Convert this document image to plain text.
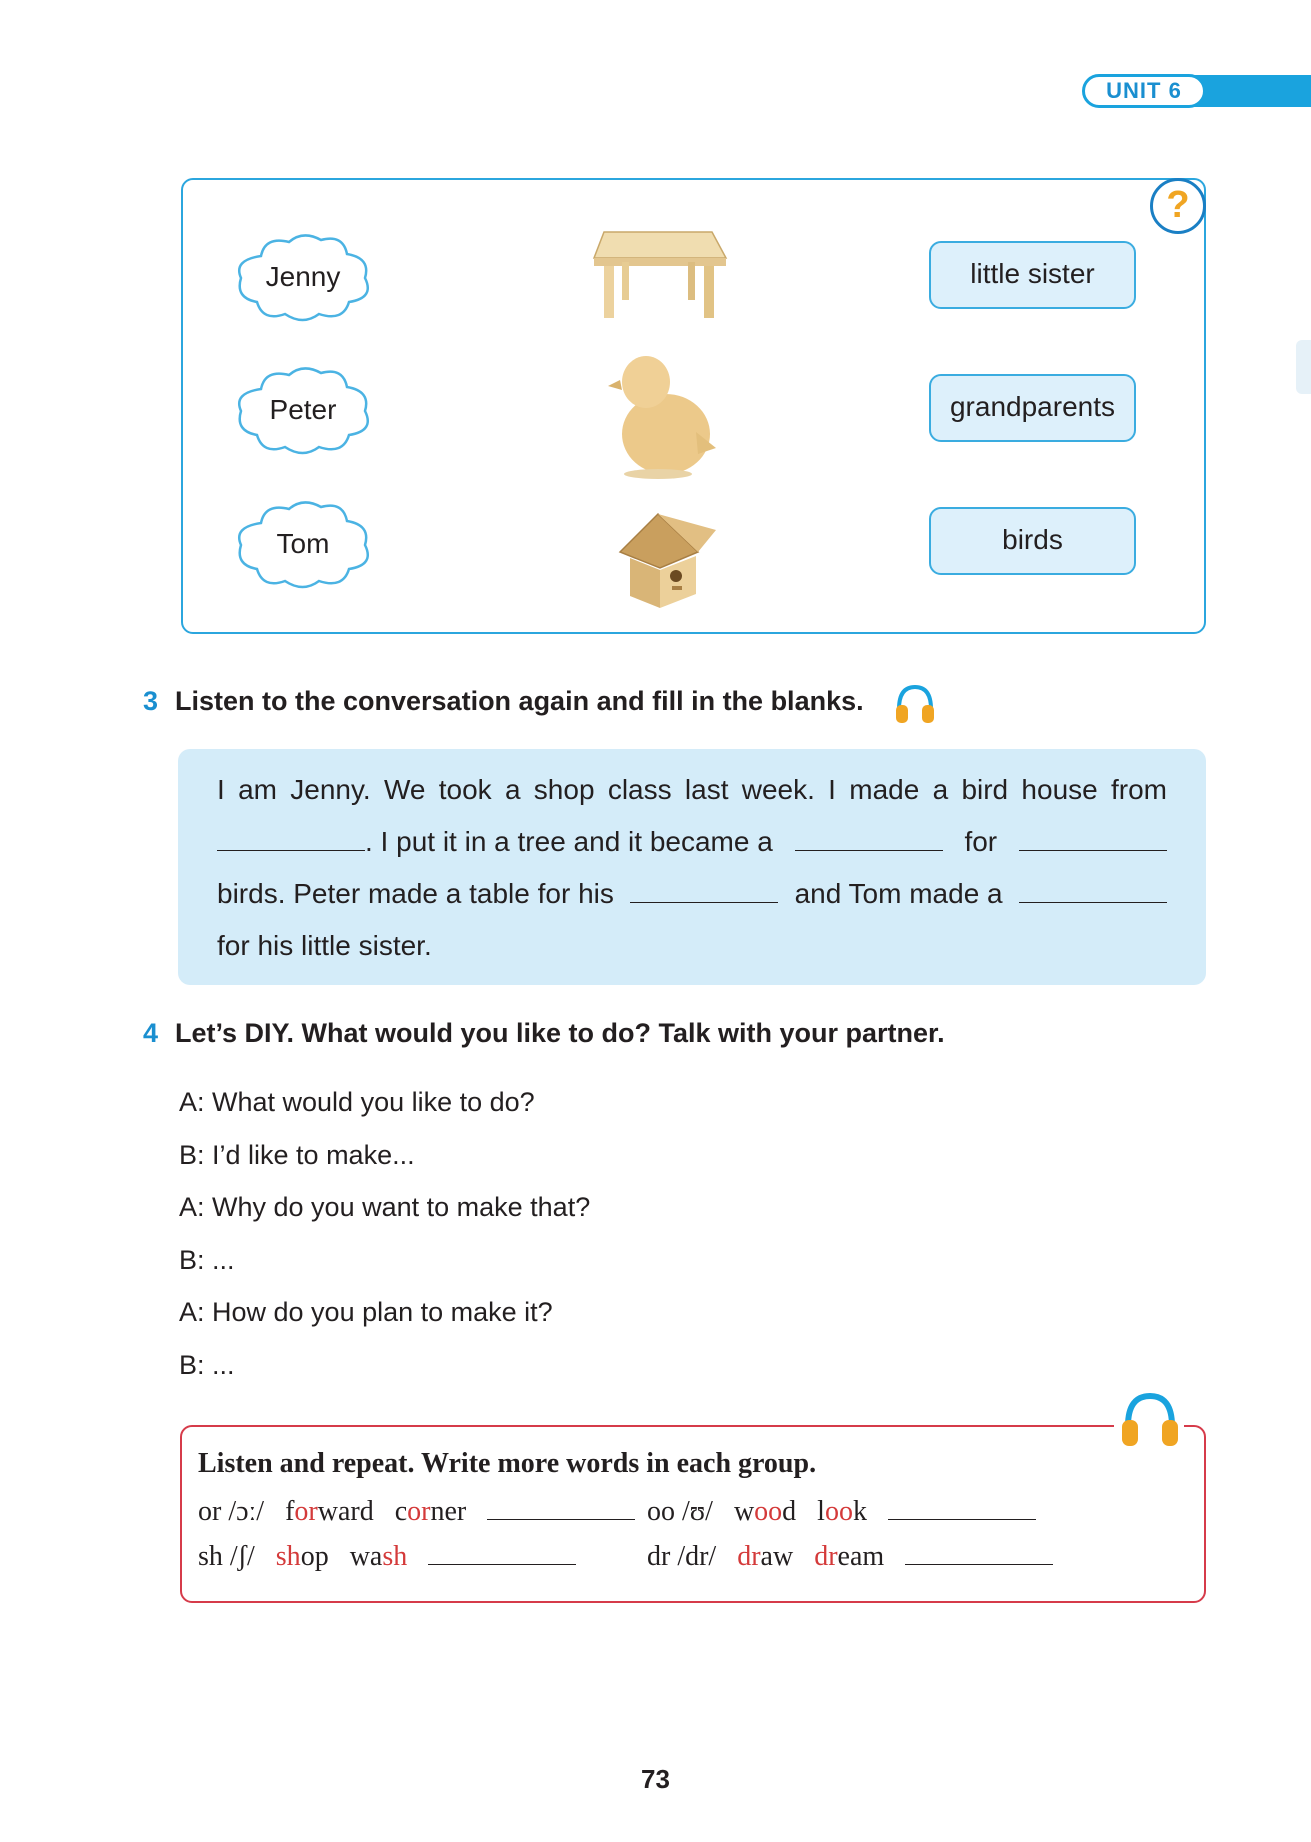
UNIT 6
?
Jenny
Peter
Tom
little sister
grandparents
birds
3 Listen to the conversation again and fill in the blanks.
I am Jenny. We took a shop class last week. I made a bird house from
. I put it in a tree and it became a	for
birds. Peter made a table for his	and Tom made a
for his little sister.
4 Let’s DIY. What would you like to do? Talk with your partner.
A: What would you like to do?
B: I’d like to make...
A: Why do you want to make that?
B: ...
A: How do you plan to make it?
B: ...
Listen and repeat. Write more words in each group.
or /ɔː/ forward corner	oo /ʊ/ wood look
sh /ʃ/ shop wash	dr /dr/ draw dream
73
